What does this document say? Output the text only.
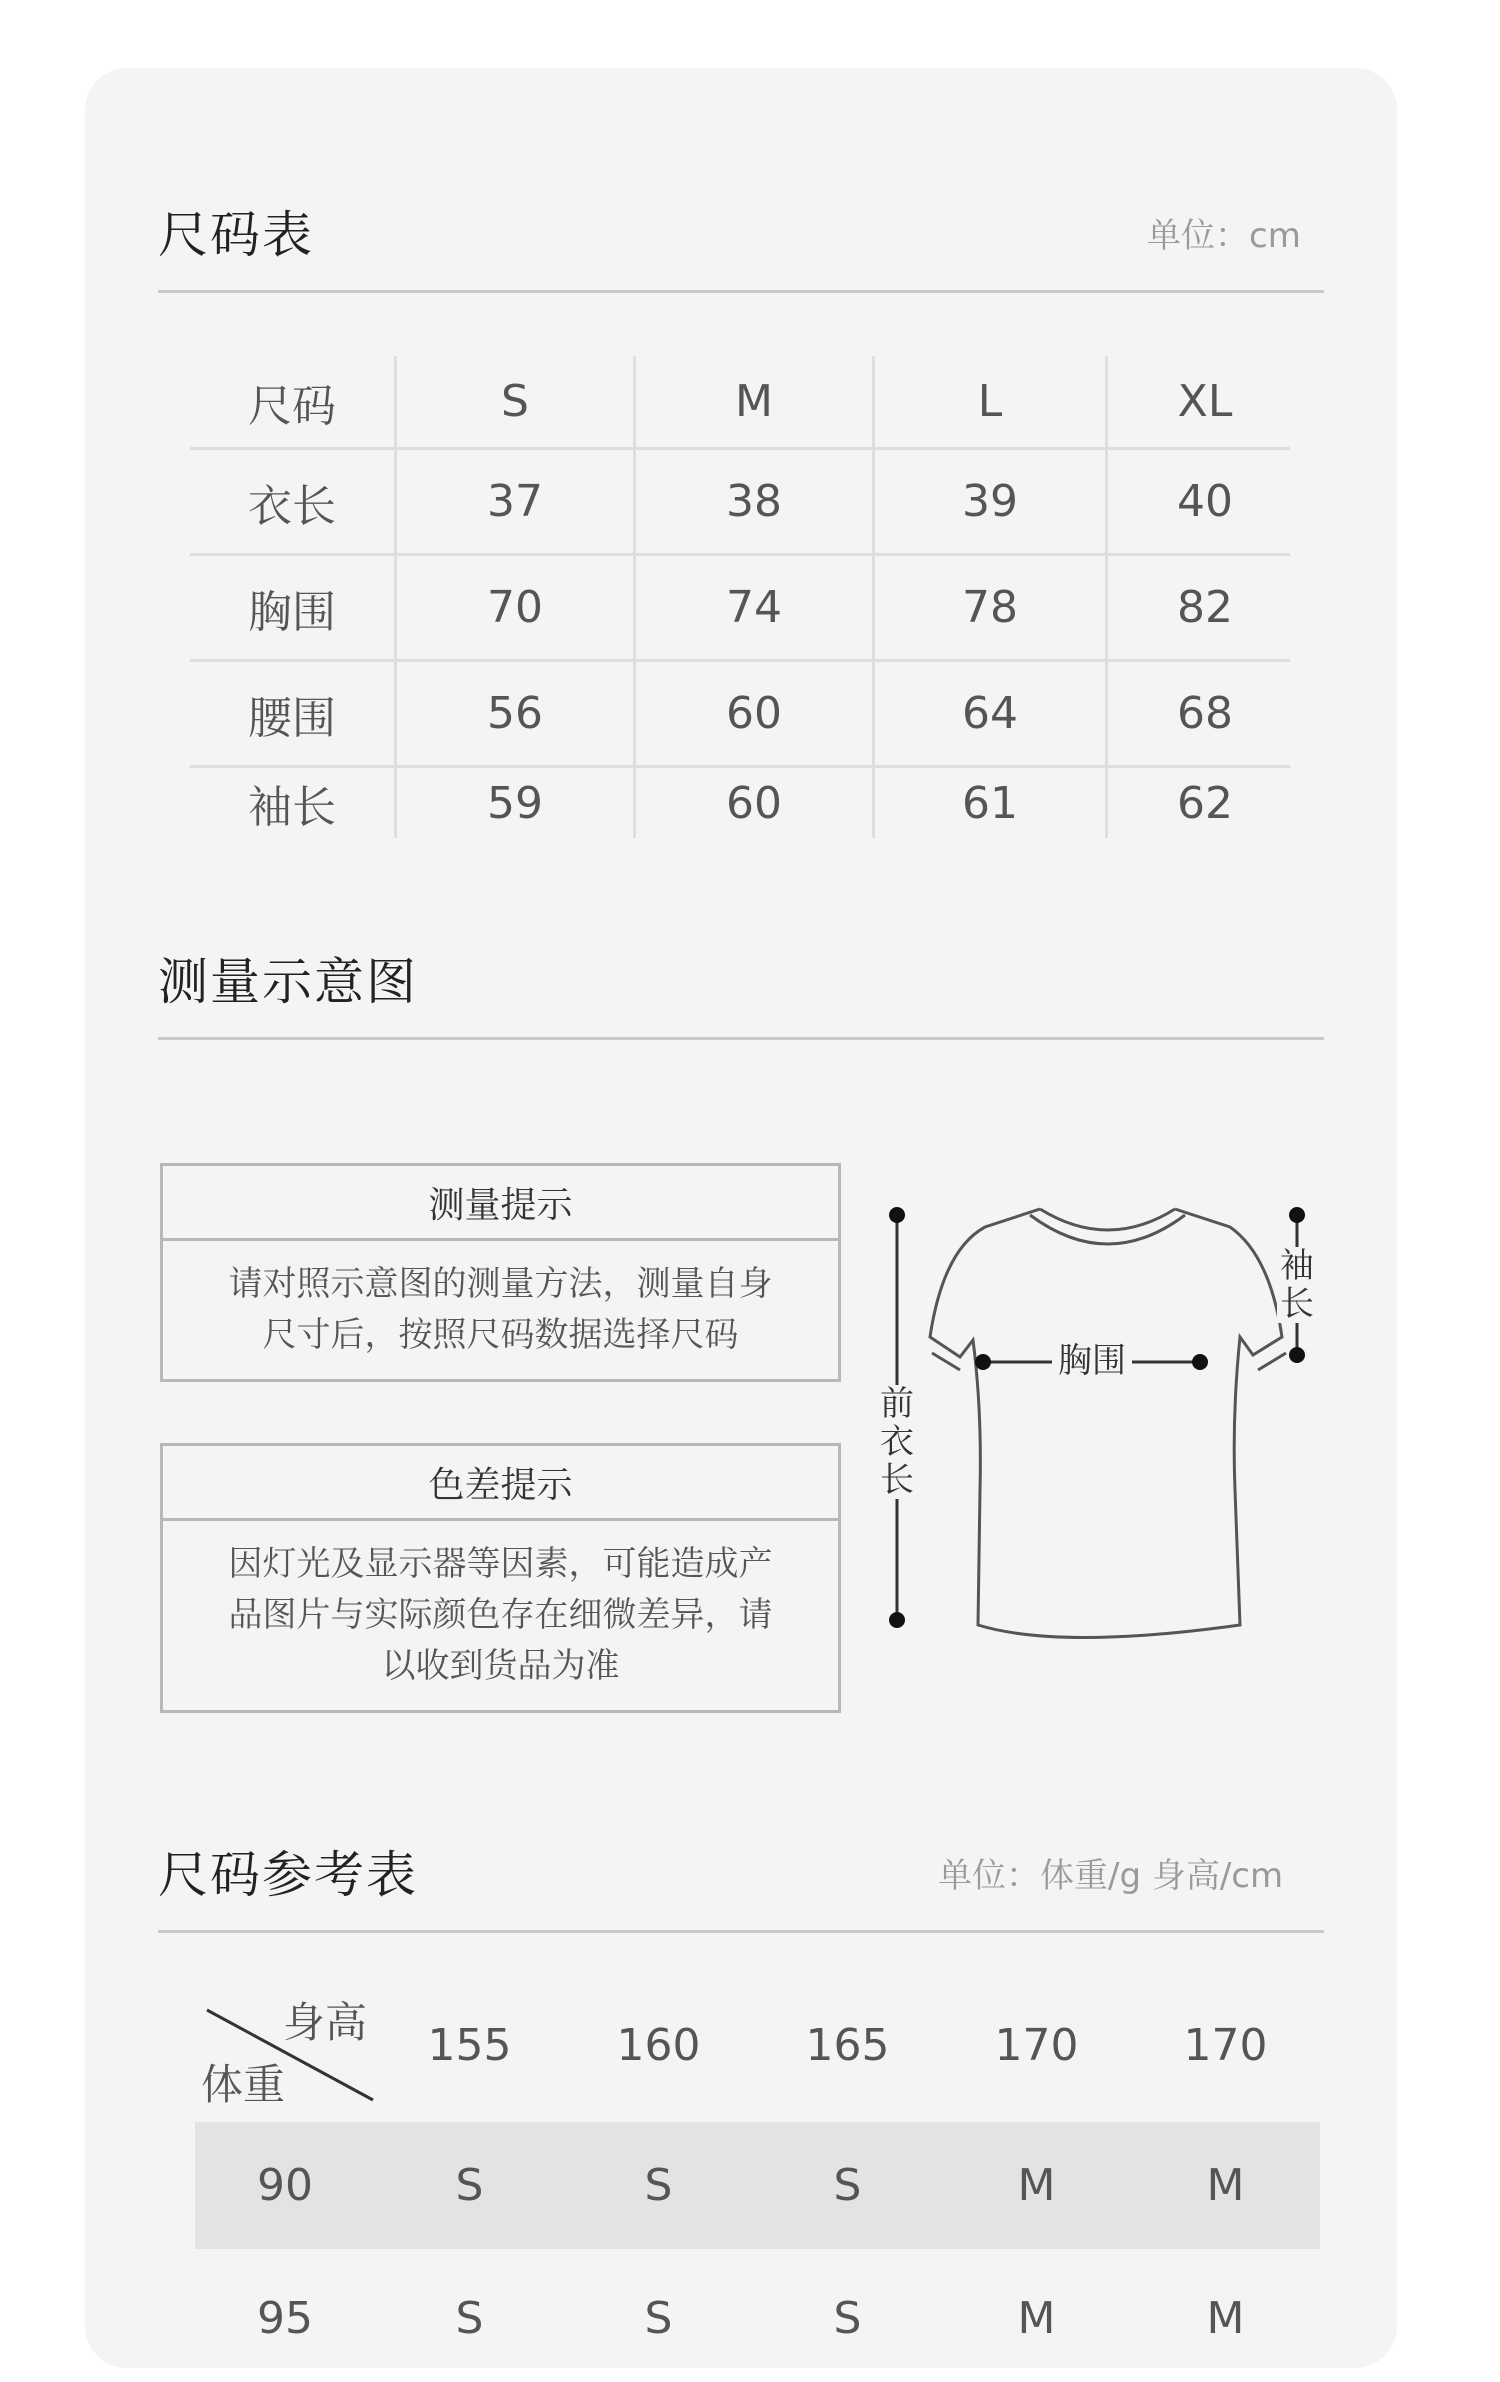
尺码表	单位：cm
尺码	S	M	L	XL
衣长	37	38	39	40
胸围	70	74	78	82
腰围	56	60	64	68
袖长	59	60	61	62
测量示意图
测量提示
请对照示意图的测量方法，测量自身
尺寸后，按照尺码数据选择尺码
色差提示
因灯光及显示器等因素，可能造成产
品图片与实际颜色存在细微差异，请
以收到货品为准
前衣长
胸围
袖长
尺码参考表	单位：体重/g 身高/cm
身高
体重
155	160	165	170	170
90	S	S	S	M	M
95	S	S	S	M	M
